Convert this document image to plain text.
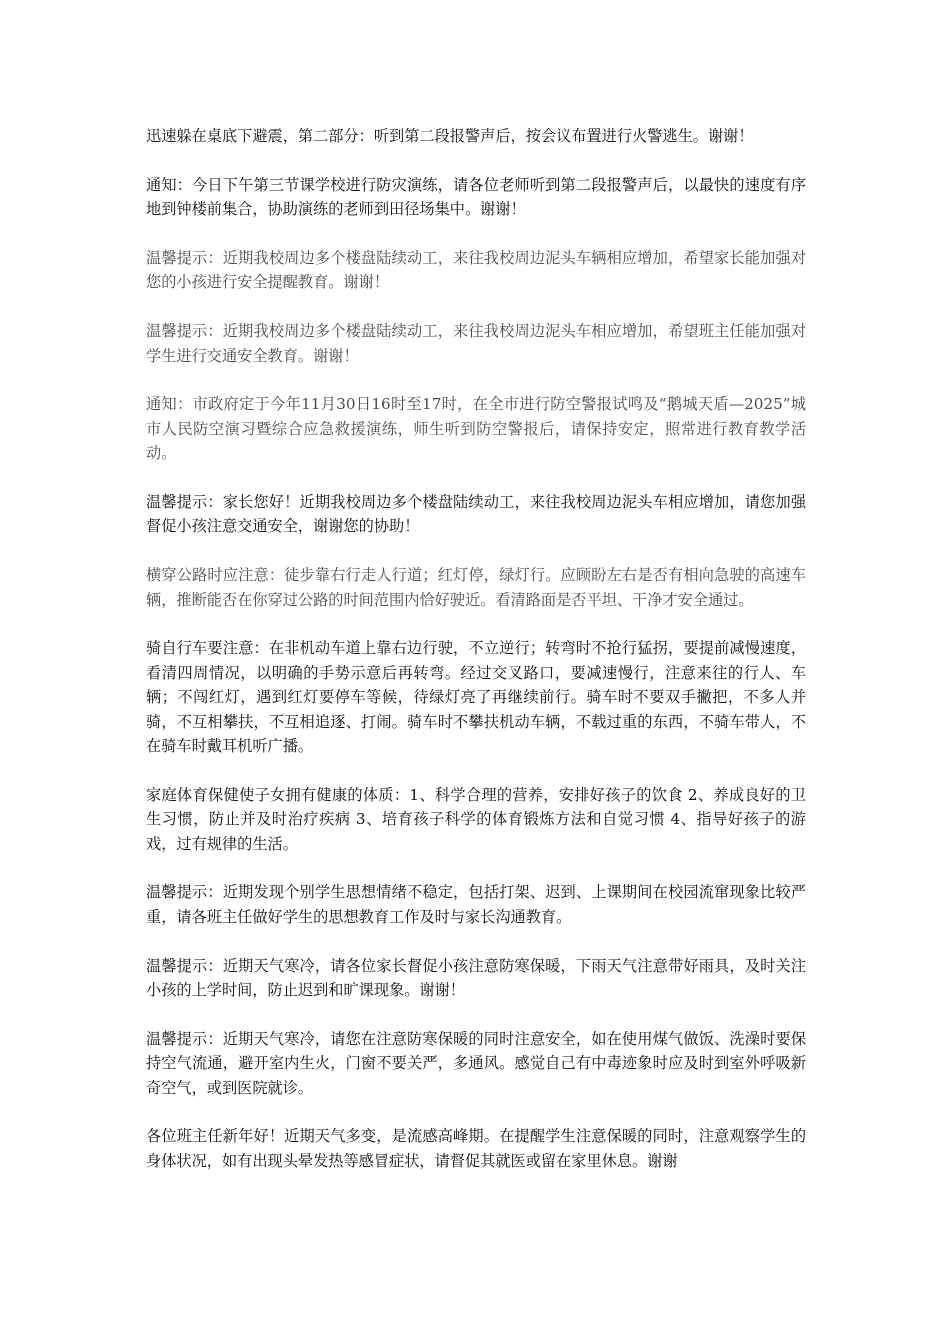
迅速躲在桌底下避震，第二部分：听到第二段报警声后，按会议布置进行火警逃生。谢谢！

通知：今日下午第三节课学校进行防灾演练，请各位老师听到第二段报警声后，以最快的速度有序地到钟楼前集合，协助演练的老师到田径场集中。谢谢！

温馨提示：近期我校周边多个楼盘陆续动工，来往我校周边泥头车辆相应增加，希望家长能加强对您的小孩进行安全提醒教育。谢谢！

温馨提示：近期我校周边多个楼盘陆续动工，来往我校周边泥头车相应增加，希望班主任能加强对学生进行交通安全教育。谢谢！

通知：市政府定于今年11月30日16时至17时，在全市进行防空警报试鸣及“鹅城天盾—2025”城市人民防空演习暨综合应急救援演练，师生听到防空警报后，请保持安定，照常进行教育教学活动。

温馨提示：家长您好！近期我校周边多个楼盘陆续动工，来往我校周边泥头车相应增加，请您加强督促小孩注意交通安全，谢谢您的协助！

横穿公路时应注意：徒步靠右行走人行道；红灯停，绿灯行。应顾盼左右是否有相向急驶的高速车辆，推断能否在你穿过公路的时间范围内恰好驶近。看清路面是否平坦、干净才安全通过。

骑自行车要注意：在非机动车道上靠右边行驶，不立逆行；转弯时不抢行猛拐，要提前减慢速度，看清四周情况，以明确的手势示意后再转弯。经过交叉路口，要减速慢行，注意来往的行人、车辆；不闯红灯，遇到红灯要停车等候，待绿灯亮了再继续前行。骑车时不要双手撇把，不多人并骑，不互相攀扶，不互相追逐、打闹。骑车时不攀扶机动车辆，不载过重的东西，不骑车带人，不在骑车时戴耳机听广播。

家庭体育保健使子女拥有健康的体质：1、科学合理的营养，安排好孩子的饮食 2、养成良好的卫生习惯，防止并及时治疗疾病 3、培育孩子科学的体育锻炼方法和自觉习惯 4、指导好孩子的游戏，过有规律的生活。

温馨提示：近期发现个别学生思想情绪不稳定，包括打架、迟到、上课期间在校园流窜现象比较严重，请各班主任做好学生的思想教育工作及时与家长沟通教育。

温馨提示：近期天气寒冷，请各位家长督促小孩注意防寒保暖，下雨天气注意带好雨具，及时关注小孩的上学时间，防止迟到和旷课现象。谢谢！

温馨提示：近期天气寒冷，请您在注意防寒保暖的同时注意安全，如在使用煤气做饭、洗澡时要保持空气流通，避开室内生火，门窗不要关严，多通风。感觉自己有中毒迹象时应及时到室外呼吸新奇空气，或到医院就诊。

各位班主任新年好！近期天气多变，是流感高峰期。在提醒学生注意保暖的同时，注意观察学生的身体状况，如有出现头晕发热等感冒症状，请督促其就医或留在家里休息。谢谢
